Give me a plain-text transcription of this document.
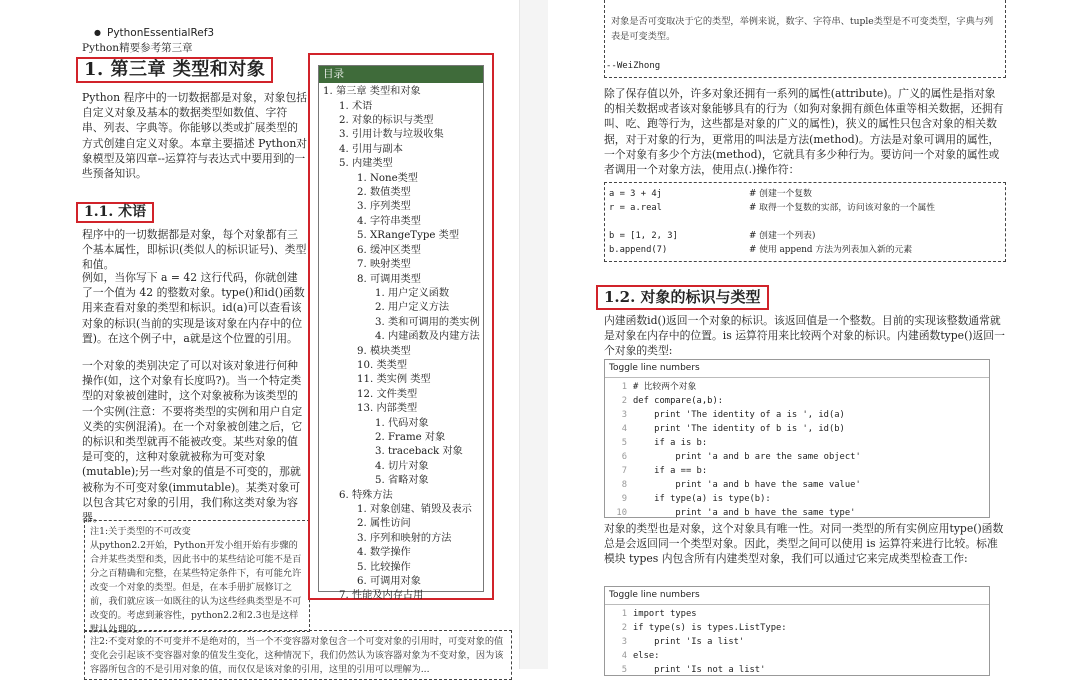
● PythonEssentialRef3
Python精要参考第三章
1. 第三章 类型和对象
Python 程序中的一切数据都是对象，对象包括自定义对象及基本的数据类型如数值、字符串、列表、字典等。你能够以类或扩展类型的方式创建自定义对象。本章主要描述 Python对象模型及第四章--运算符与表达式中要用到的一些预备知识。
1.1. 术语
程序中的一切数据都是对象，每个对象都有三个基本属性，即标识(类似人的标识证号)、类型和值。
例如，当你写下 a = 42 这行代码，你就创建了一个值为 42 的整数对象。type()和id()函数用来查看对象的类型和标识。id(a)可以查看该对象的标识(当前的实现是该对象在内存中的位置)。在这个例子中，a就是这个位置的引用。
一个对象的类别决定了可以对该对象进行何种操作(如，这个对象有长度吗?)。当一个特定类型的对象被创建时，这个对象被称为该类型的一个实例(注意：不要将类型的实例和用户自定义类的实例混淆)。在一个对象被创建之后，它的标识和类型就再不能被改变。某些对象的值是可变的，这种对象就被称为可变对象(mutable);另一些对象的值是不可变的，那就被称为不可变对象(immutable)。某类对象可以包含其它对象的引用，我们称这类对象为容器。
注1:关于类型的不可改变
从python2.2开始，Python开发小组开始有步骤的合并某些类型和类，因此书中的某些结论可能不是百分之百精确和完整，在某些特定条件下，有可能允许改变一个对象的类型。但是，在本手册扩展修订之前，我们就应该一如既往的认为这些经典类型是不可改变的。考虑到兼容性，python2.2和2.3也是这样默认处理的。
注2:不变对象的不可变并不是绝对的，当一个不变容器对象包含一个可变对象的引用时，可变对象的值变化会引起该不变容器对象的值发生变化，这种情况下，我们仍然认为该容器对象为不变对象，因为该容器所包含的不是引用对象的值，而仅仅是该对象的引用，这里的引用可以理解为...
目录
1. 第三章 类型和对象
1. 术语
2. 对象的标识与类型
3. 引用计数与垃圾收集
4. 引用与副本
5. 内建类型
1. None类型
2. 数值类型
3. 序列类型
4. 字符串类型
5. XRangeType 类型
6. 缓冲区类型
7. 映射类型
8. 可调用类型
1. 用户定义函数
2. 用户定义方法
3. 类和可调用的类实例
4. 内建函数及内建方法
9. 模块类型
10. 类类型
11. 类实例 类型
12. 文件类型
13. 内部类型
1. 代码对象
2. Frame 对象
3. traceback 对象
4. 切片对象
5. 省略对象
6. 特殊方法
1. 对象创建、销毁及表示
2. 属性访问
3. 序列和映射的方法
4. 数学操作
5. 比较操作
6. 可调用对象
7. 性能及内存占用
对象是否可变取决于它的类型，举例来说，数字、字符串、tuple类型是不可变类型，字典与列表是可变类型。
--WeiZhong
除了保存值以外，许多对象还拥有一系列的属性(attribute)。广义的属性是指对象的相关数据或者该对象能够具有的行为（如狗对象拥有颜色体重等相关数据，还拥有叫、吃、跑等行为，这些都是对象的广义的属性)，狭义的属性只包含对象的相关数据，对于对象的行为，更常用的叫法是方法(method)。方法是对象可调用的属性，一个对象有多少个方法(method)，它就具有多少种行为。要访问一个对象的属性或者调用一个对象方法，使用点(.)操作符：
a = 3 + 4j	# 创建一个复数
r = a.real	# 取得一个复数的实部，访问该对象的一个属性

b = [1, 2, 3]	# 创建一个列表)
b.append(7)	# 使用 append 方法为列表加入新的元素
1.2. 对象的标识与类型
内建函数id()返回一个对象的标识。该返回值是一个整数。目前的实现该整数通常就是对象在内存中的位置。is 运算符用来比较两个对象的标识。内建函数type()返回一个对象的类型:
Toggle line numbers
1 # 比较两个对象
2 def compare(a,b):
3 print 'The identity of a is ', id(a)
4 print 'The identity of b is ', id(b)
5 if a is b:
6 print 'a and b are the same object'
7 if a == b:
8 print 'a and b have the same value'
9 if type(a) is type(b):
10 print 'a and b have the same type'
对象的类型也是对象，这个对象具有唯一性。对同一类型的所有实例应用type()函数总是会返回同一个类型对象。因此，类型之间可以使用 is 运算符来进行比较。标准模块 types 内包含所有内建类型对象，我们可以通过它来完成类型检查工作:
Toggle line numbers
1 import types
2 if type(s) is types.ListType:
3 print 'Is a list'
4 else:
5 print 'Is not a list'
